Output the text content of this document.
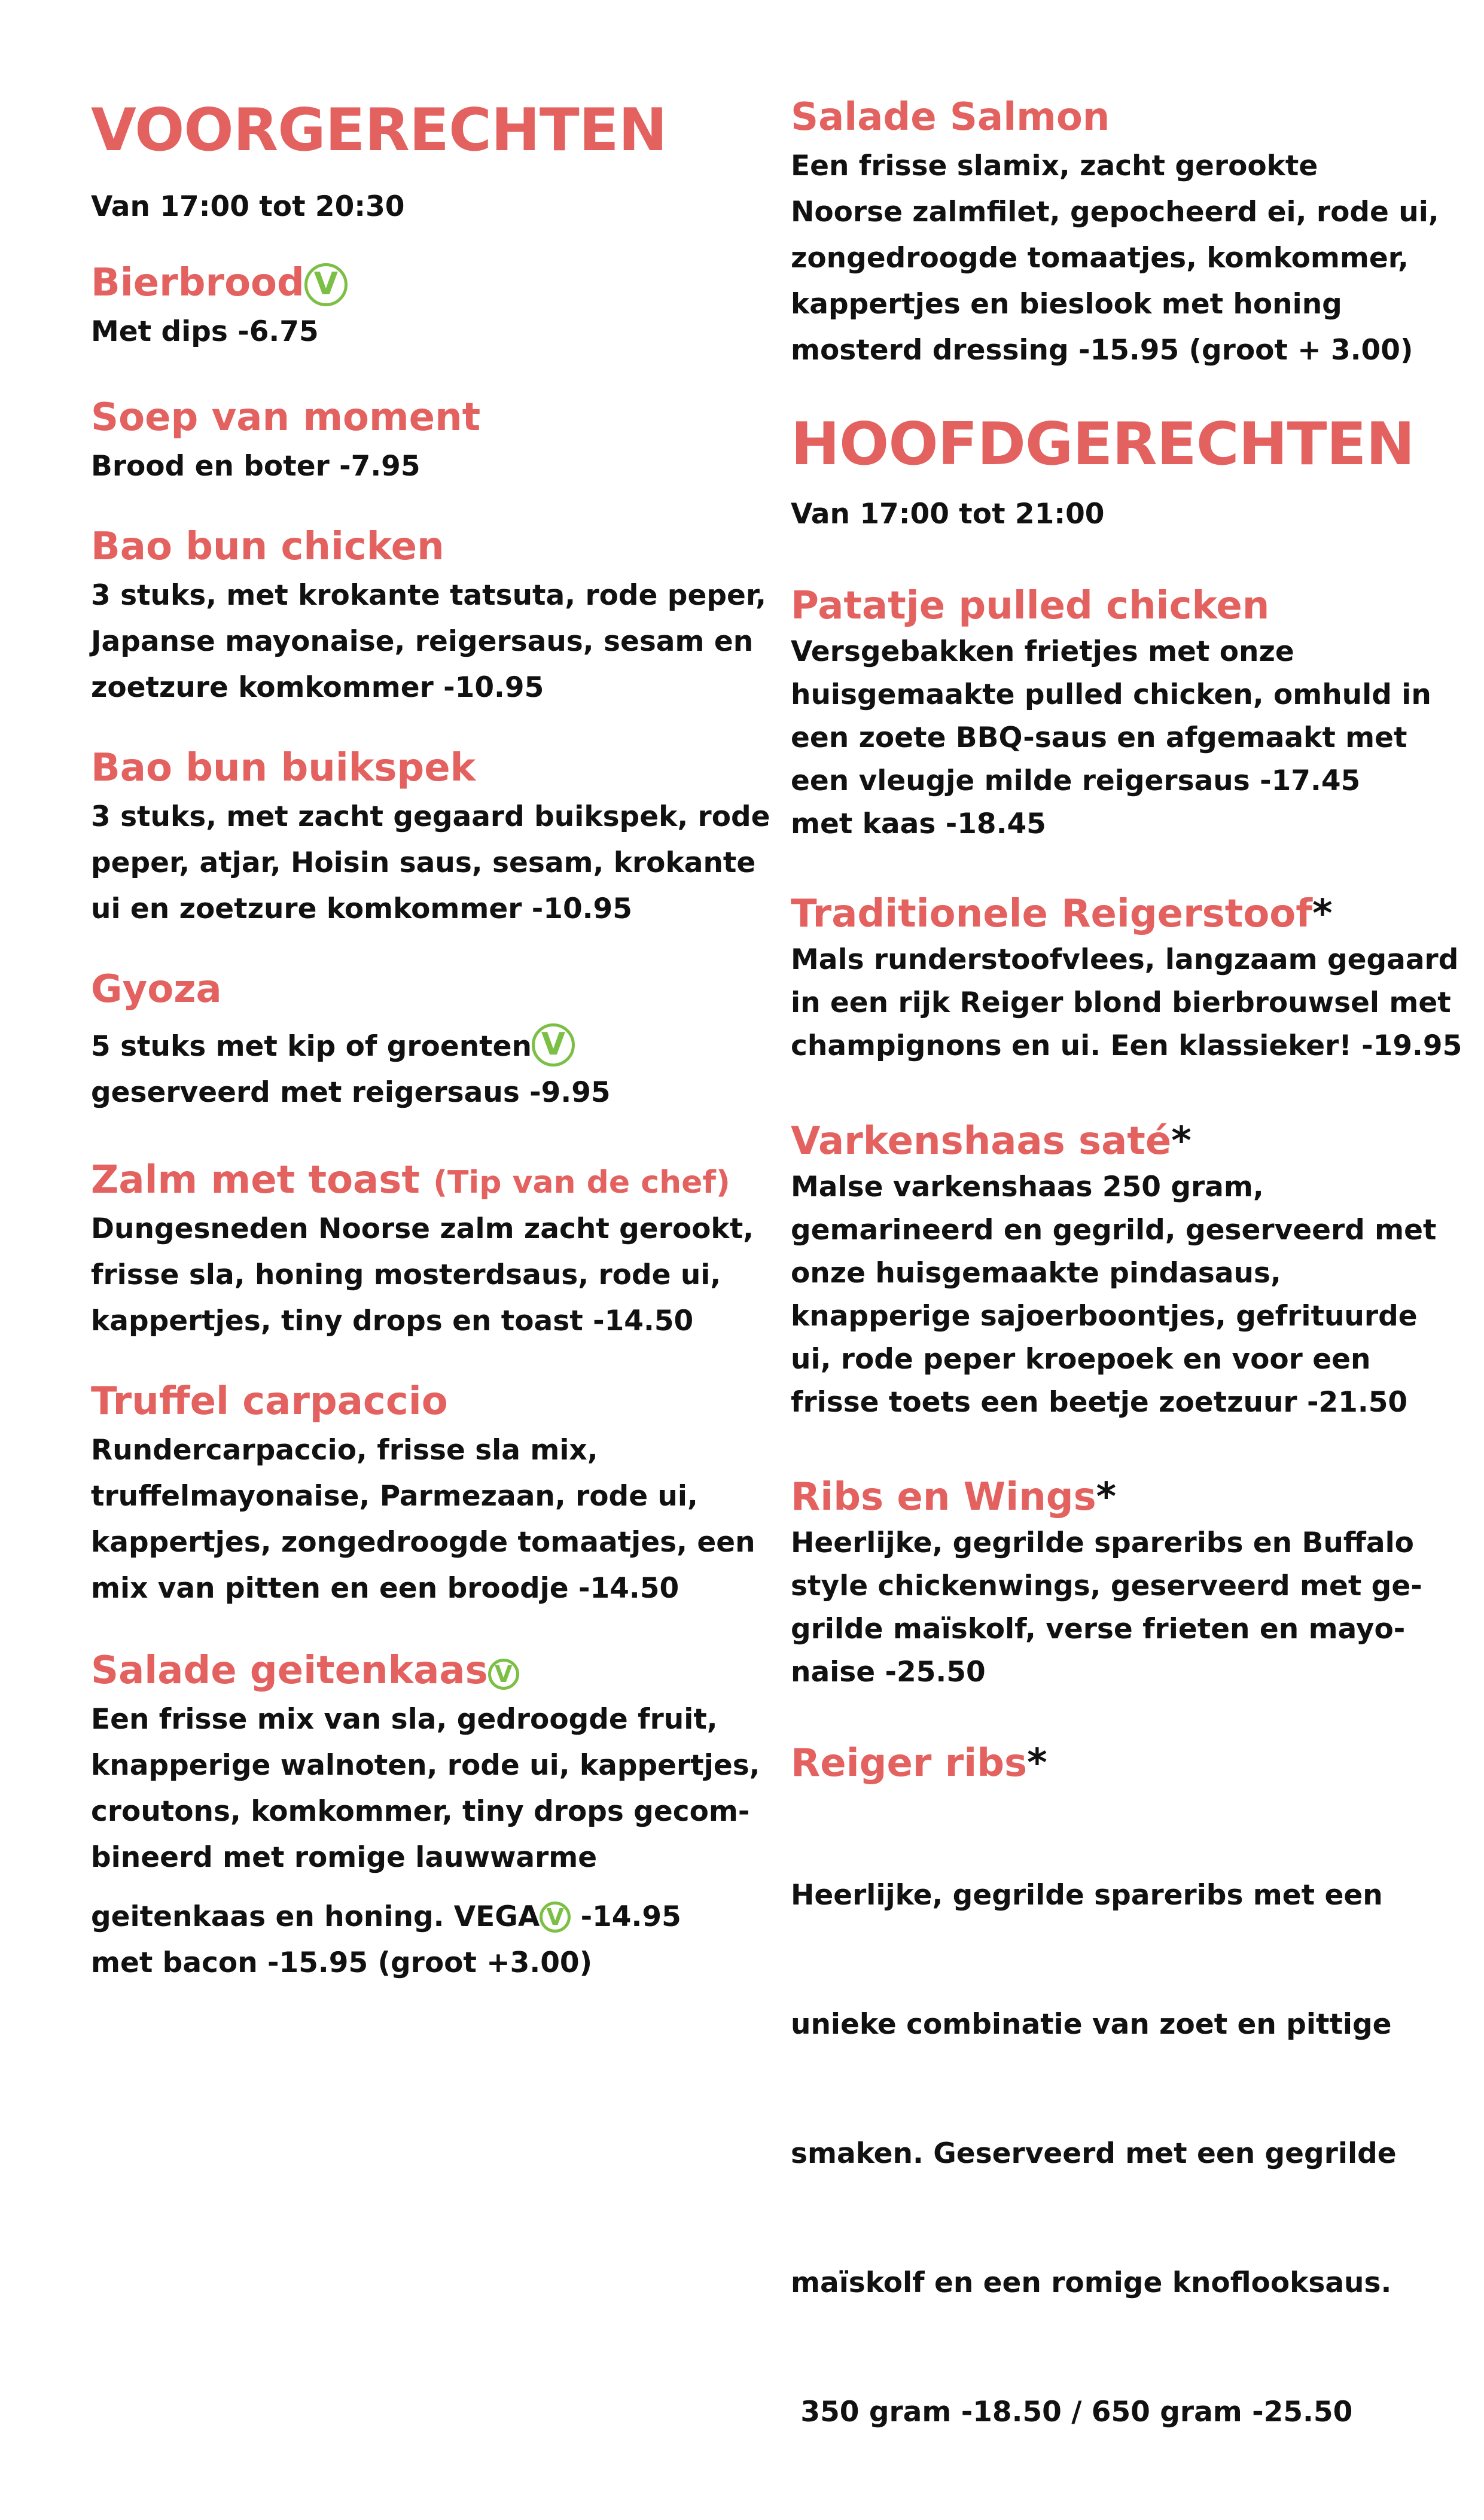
VOORGERECHTEN
Van 17:00 tot 20:30
Bierbrood V
Met dips -6.75
Soep van moment
Brood en boter -7.95
Bao bun chicken
3 stuks, met krokante tatsuta, rode peper,
Japanse mayonaise, reigersaus, sesam en
zoetzure komkommer -10.95
Bao bun buikspek
3 stuks, met zacht gegaard buikspek, rode
peper, atjar, Hoisin saus, sesam, krokante
ui en zoetzure komkommer -10.95
Gyoza
5 stuks met kip of groenten V
geserveerd met reigersaus -9.95
Zalm met toast (Tip van de chef)
Dungesneden Noorse zalm zacht gerookt,
frisse sla, honing mosterdsaus, rode ui,
kappertjes, tiny drops en toast -14.50
Truffel carpaccio
Rundercarpaccio, frisse sla mix,
truffelmayonaise, Parmezaan, rode ui,
kappertjes, zongedroogde tomaatjes, een
mix van pitten en een broodje -14.50
Salade geitenkaas V
Een frisse mix van sla, gedroogde fruit,
knapperige walnoten, rode ui, kappertjes,
croutons, komkommer, tiny drops gecom-
bineerd met romige lauwwarme
geitenkaas en honing. VEGA V -14.95
met bacon -15.95 (groot +3.00)
Salade Salmon
Een frisse slamix, zacht gerookte
Noorse zalmfilet, gepocheerd ei, rode ui,
zongedroogde tomaatjes, komkommer,
kappertjes en bieslook met honing
mosterd dressing -15.95 (groot + 3.00)
HOOFDGERECHTEN
Van 17:00 tot 21:00
Patatje pulled chicken
Versgebakken frietjes met onze
huisgemaakte pulled chicken, omhuld in
een zoete BBQ-saus en afgemaakt met
een vleugje milde reigersaus -17.45
met kaas -18.45
Traditionele Reigerstoof*
Mals runderstoofvlees, langzaam gegaard
in een rijk Reiger blond bierbrouwsel met
champignons en ui. Een klassieker! -19.95
Varkenshaas saté*
Malse varkenshaas 250 gram,
gemarineerd en gegrild, geserveerd met
onze huisgemaakte pindasaus,
knapperige sajoerboontjes, gefrituurde
ui, rode peper kroepoek en voor een
frisse toets een beetje zoetzuur -21.50
Ribs en Wings*
Heerlijke, gegrilde spareribs en Buffalo
style chickenwings, geserveerd met ge-
grilde maïskolf, verse frieten en mayo-
naise -25.50
Reiger ribs*

Heerlijke, gegrilde spareribs met een

unieke combinatie van zoet en pittige

smaken. Geserveerd met een gegrilde

maïskolf en een romige knoflooksaus.

350 gram -18.50 / 650 gram -25.50
